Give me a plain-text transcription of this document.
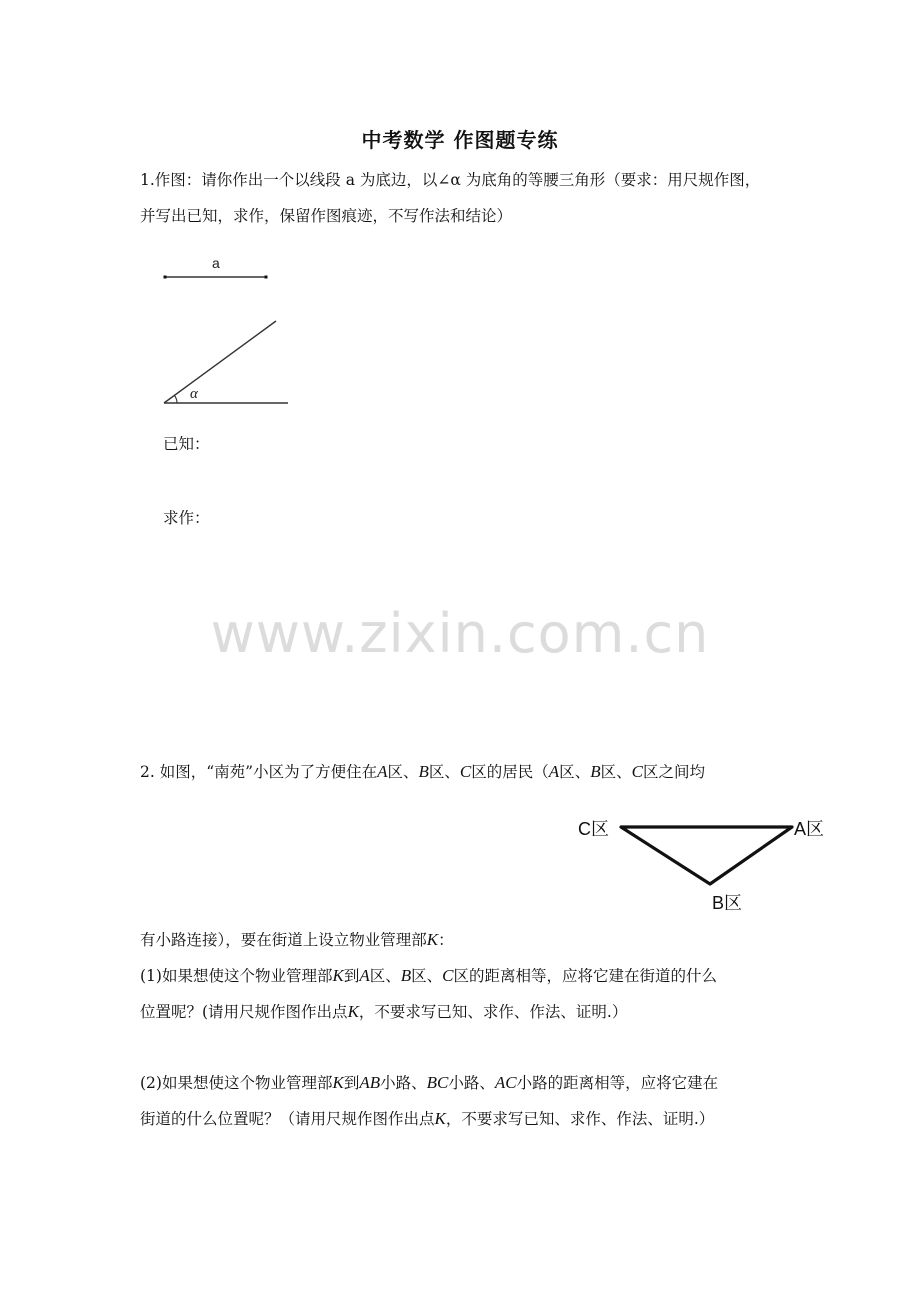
中考数学 作图题专练
1.作图：请你作出一个以线段 a 为底边，以∠α 为底角的等腰三角形（要求：用尺规作图，
并写出已知，求作，保留作图痕迹，不写作法和结论）
a
α
已知：
求作：
www.zixin.com.cn
2. 如图，“南苑”小区为了方便住在A区、B区、C区的居民（A区、B区、C区之间均
C区	A区
B区
有小路连接），要在街道上设立物业管理部K：
(1)如果想使这个物业管理部K到A区、B区、C区的距离相等，应将它建在街道的什么
位置呢？(请用尺规作图作出点K，不要求写已知、求作、作法、证明.）
(2)如果想使这个物业管理部K到AB小路、BC小路、AC小路的距离相等，应将它建在
街道的什么位置呢？（请用尺规作图作出点K，不要求写已知、求作、作法、证明.）
